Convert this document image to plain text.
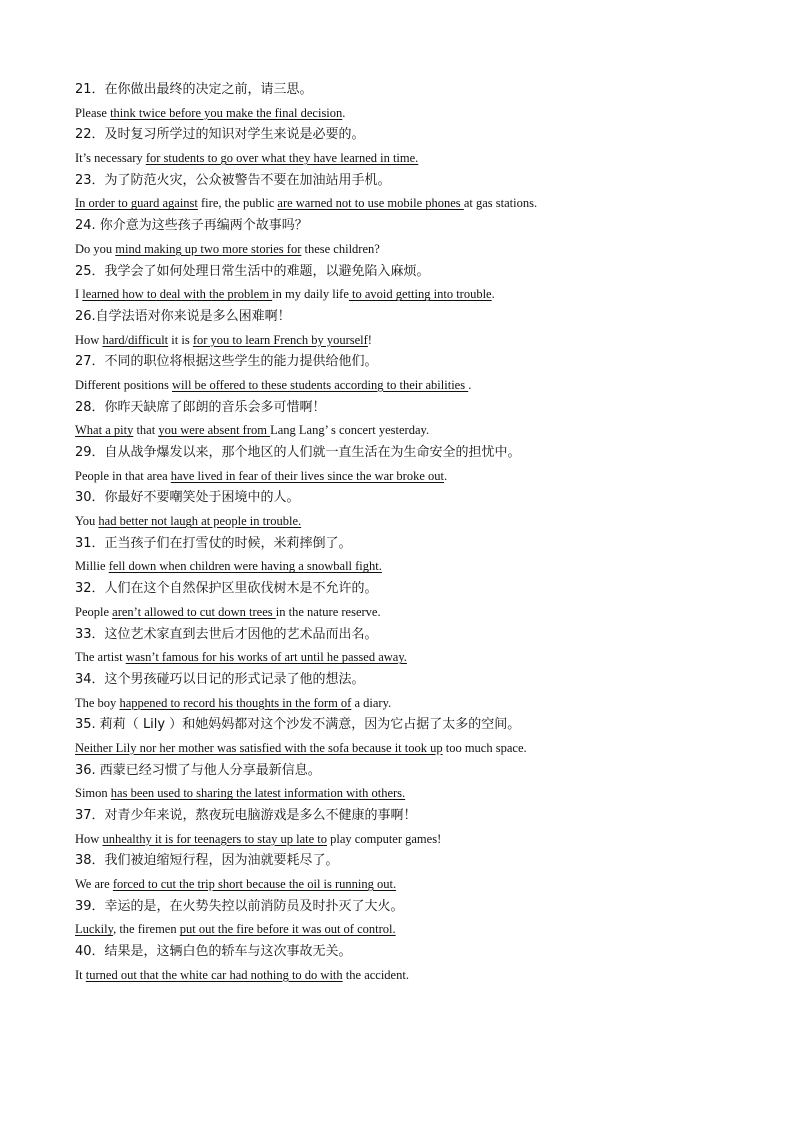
21．在你做出最终的决定之前，请三思。
Please think twice before you make the final decision.
22．及时复习所学过的知识对学生来说是必要的。
It’s necessary for students to go over what they have learned in time.
23．为了防范火灾，公众被警告不要在加油站用手机。
In order to guard against fire, the public are warned not to use mobile phones at gas stations.
24. 你介意为这些孩子再编两个故事吗？
Do you mind making up two more stories for these children?
25．我学会了如何处理日常生活中的难题，以避免陷入麻烦。
I learned how to deal with the problem in my daily life to avoid getting into trouble.
26.自学法语对你来说是多么困难啊！
How hard/difficult it is for you to learn French by yourself!
27．不同的职位将根据这些学生的能力提供给他们。
Different positions will be offered to these students according to their abilities .
28．你昨天缺席了郎朗的音乐会多可惜啊！
What a pity that you were absent from Lang Lang’ s concert yesterday.
29．自从战争爆发以来，那个地区的人们就一直生活在为生命安全的担忧中。
People in that area have lived in fear of their lives since the war broke out.
30．你最好不要嘲笑处于困境中的人。
You had better not laugh at people in trouble.
31．正当孩子们在打雪仗的时候，米莉摔倒了。
Millie fell down when children were having a snowball fight.
32．人们在这个自然保护区里砍伐树木是不允许的。
People aren’t allowed to cut down trees in the nature reserve.
33．这位艺术家直到去世后才因他的艺术品而出名。
The artist wasn’t famous for his works of art until he passed away.
34．这个男孩碰巧以日记的形式记录了他的想法。
The boy happened to record his thoughts in the form of a diary.
35. 莉莉（ Lily ）和她妈妈都对这个沙发不满意，因为它占据了太多的空间。
Neither Lily nor her mother was satisfied with the sofa because it took up too much space.
36. 西蒙已经习惯了与他人分享最新信息。
Simon has been used to sharing the latest information with others.
37．对青少年来说，熬夜玩电脑游戏是多么不健康的事啊！
How unhealthy it is for teenagers to stay up late to play computer games!
38．我们被迫缩短行程，因为油就要耗尽了。
We are forced to cut the trip short because the oil is running out.
39．幸运的是，在火势失控以前消防员及时扑灭了大火。
Luckily, the firemen put out the fire before it was out of control.
40．结果是，这辆白色的轿车与这次事故无关。
It turned out that the white car had nothing to do with the accident.
